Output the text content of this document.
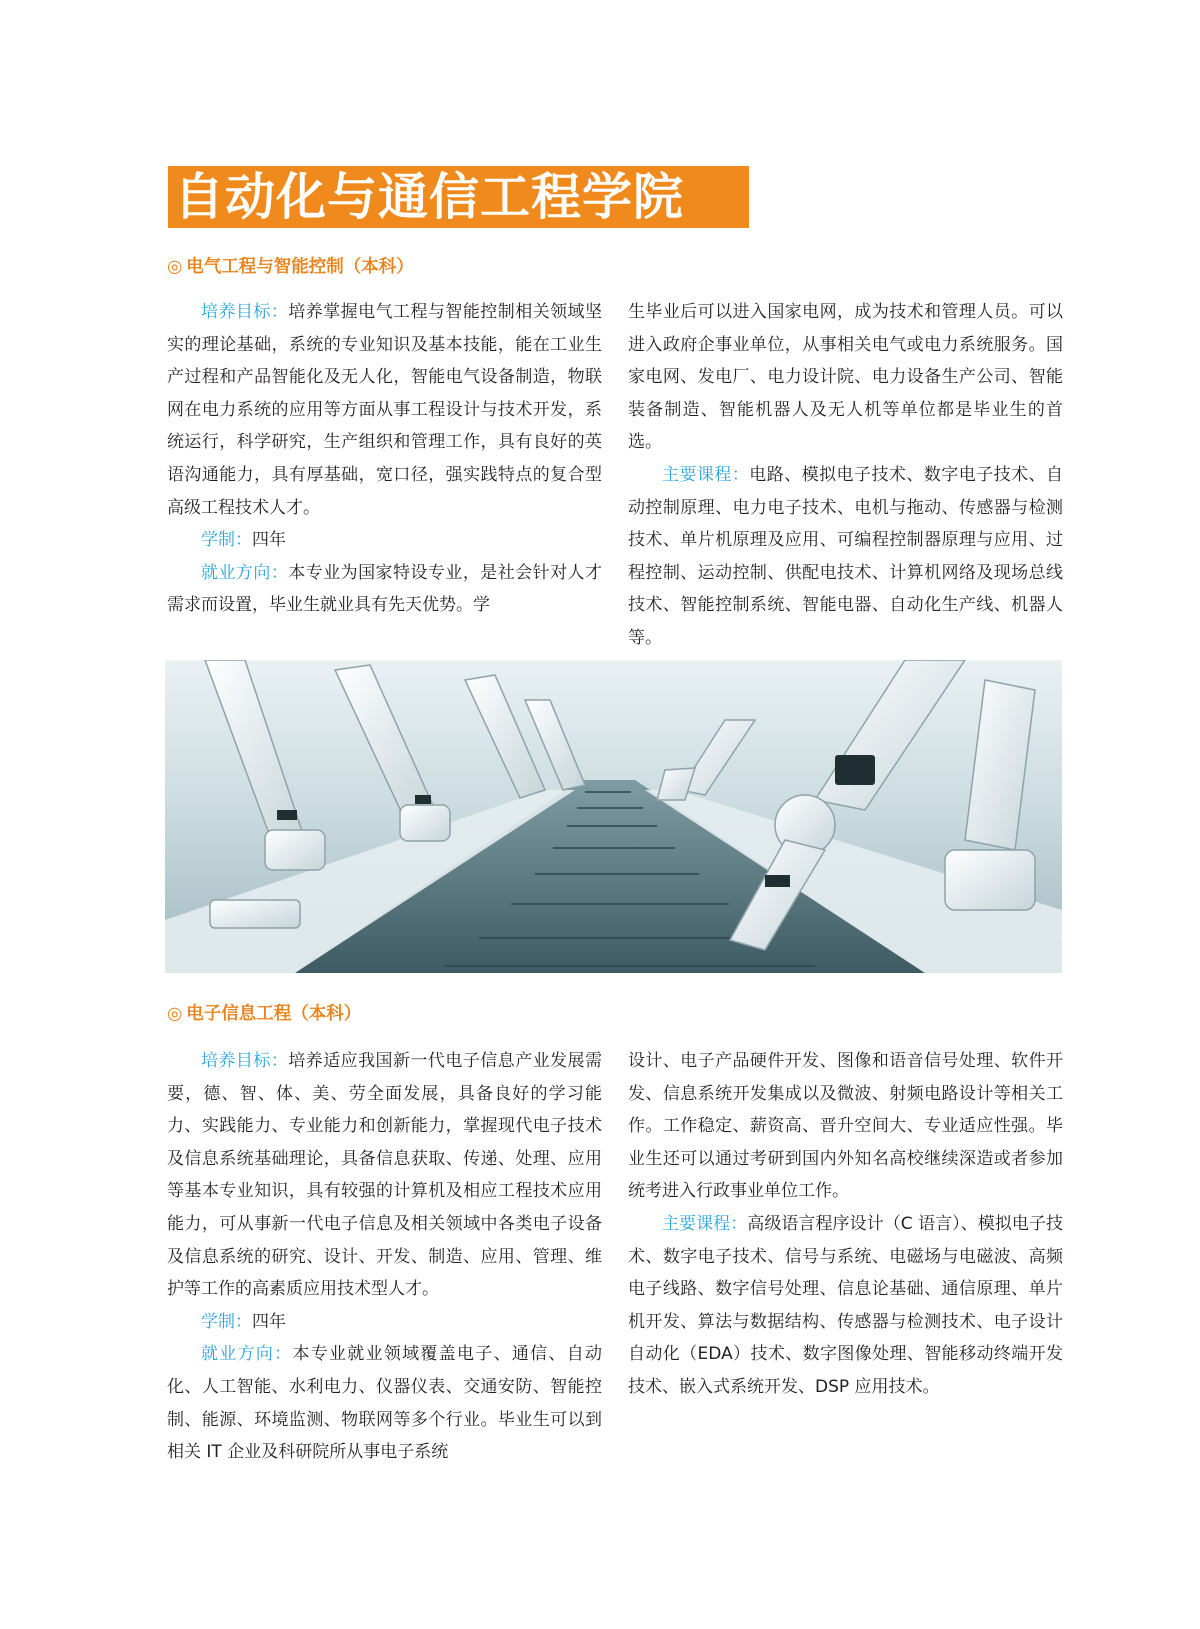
自动化与通信工程学院
◎ 电气工程与智能控制（本科）

培养目标：培养掌握电气工程与智能控制相关领域坚实的理论基础，系统的专业知识及基本技能，能在工业生产过程和产品智能化及无人化，智能电气设备制造，物联网在电力系统的应用等方面从事工程设计与技术开发，系统运行，科学研究，生产组织和管理工作，具有良好的英语沟通能力，具有厚基础，宽口径，强实践特点的复合型高级工程技术人才。

学制：四年

就业方向：本专业为国家特设专业，是社会针对人才需求而设置，毕业生就业具有先天优势。学

生毕业后可以进入国家电网，成为技术和管理人员。可以进入政府企事业单位，从事相关电气或电力系统服务。国家电网、发电厂、电力设计院、电力设备生产公司、智能装备制造、智能机器人及无人机等单位都是毕业生的首选。

主要课程：电路、模拟电子技术、数字电子技术、自动控制原理、电力电子技术、电机与拖动、传感器与检测技术、单片机原理及应用、可编程控制器原理与应用、过程控制、运动控制、供配电技术、计算机网络及现场总线技术、智能控制系统、智能电器、自动化生产线、机器人等。

◎ 电子信息工程（本科）

培养目标：培养适应我国新一代电子信息产业发展需要，德、智、体、美、劳全面发展，具备良好的学习能力、实践能力、专业能力和创新能力，掌握现代电子技术及信息系统基础理论，具备信息获取、传递、处理、应用等基本专业知识，具有较强的计算机及相应工程技术应用能力，可从事新一代电子信息及相关领域中各类电子设备及信息系统的研究、设计、开发、制造、应用、管理、维护等工作的高素质应用技术型人才。

学制：四年

就业方向：本专业就业领域覆盖电子、通信、自动化、人工智能、水利电力、仪器仪表、交通安防、智能控制、能源、环境监测、物联网等多个行业。毕业生可以到相关 IT 企业及科研院所从事电子系统

设计、电子产品硬件开发、图像和语音信号处理、软件开发、信息系统开发集成以及微波、射频电路设计等相关工作。工作稳定、薪资高、晋升空间大、专业适应性强。毕业生还可以通过考研到国内外知名高校继续深造或者参加统考进入行政事业单位工作。

主要课程：高级语言程序设计（C 语言）、模拟电子技术、数字电子技术、信号与系统、电磁场与电磁波、高频电子线路、数字信号处理、信息论基础、通信原理、单片机开发、算法与数据结构、传感器与检测技术、电子设计自动化（EDA）技术、数字图像处理、智能移动终端开发技术、嵌入式系统开发、DSP 应用技术。
